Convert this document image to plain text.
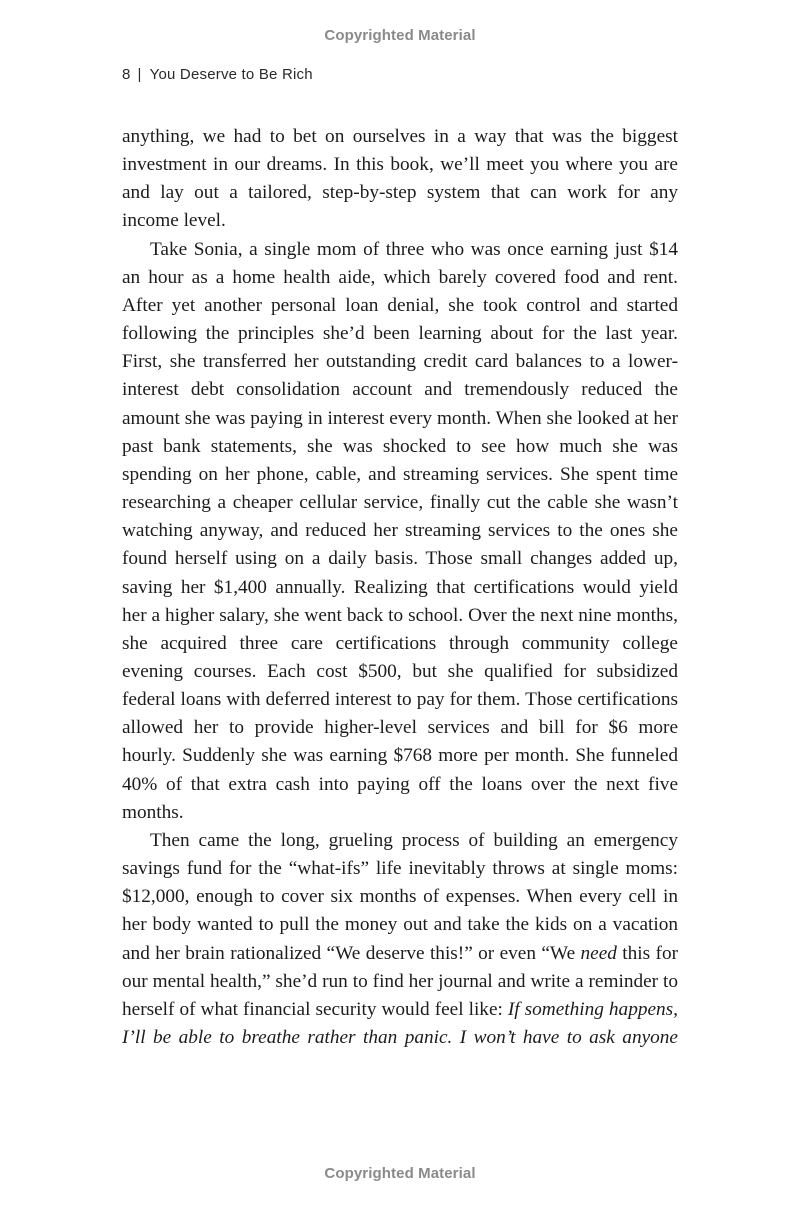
Copyrighted Material
8 | You Deserve to Be Rich

anything, we had to bet on ourselves in a way that was the biggest investment in our dreams. In this book, we’ll meet you where you are and lay out a tailored, step-by-step system that can work for any income level.

Take Sonia, a single mom of three who was once earning just $14 an hour as a home health aide, which barely covered food and rent. After yet another personal loan denial, she took control and started following the principles she’d been learning about for the last year. First, she transferred her outstanding credit card balances to a lower-interest debt consolidation account and tremendously reduced the amount she was paying in interest every month. When she looked at her past bank statements, she was shocked to see how much she was spending on her phone, cable, and streaming services. She spent time researching a cheaper cellular service, finally cut the cable she wasn’t watching anyway, and reduced her streaming services to the ones she found herself using on a daily basis. Those small changes added up, saving her $1,400 annually. Realizing that certifications would yield her a higher salary, she went back to school. Over the next nine months, she acquired three care certifications through community college evening courses. Each cost $500, but she qualified for subsidized federal loans with deferred interest to pay for them. Those certifications allowed her to provide higher-level services and bill for $6 more hourly. Suddenly she was earning $768 more per month. She funneled 40% of that extra cash into paying off the loans over the next five months.

Then came the long, grueling process of building an emergency savings fund for the “what-ifs” life inevitably throws at single moms: $12,000, enough to cover six months of expenses. When every cell in her body wanted to pull the money out and take the kids on a vacation and her brain rationalized “We deserve this!” or even “We need this for our mental health,” she’d run to find her journal and write a reminder to herself of what financial security would feel like: If something happens, I’ll be able to breathe rather than panic. I won’t have to ask anyone

Copyrighted Material
